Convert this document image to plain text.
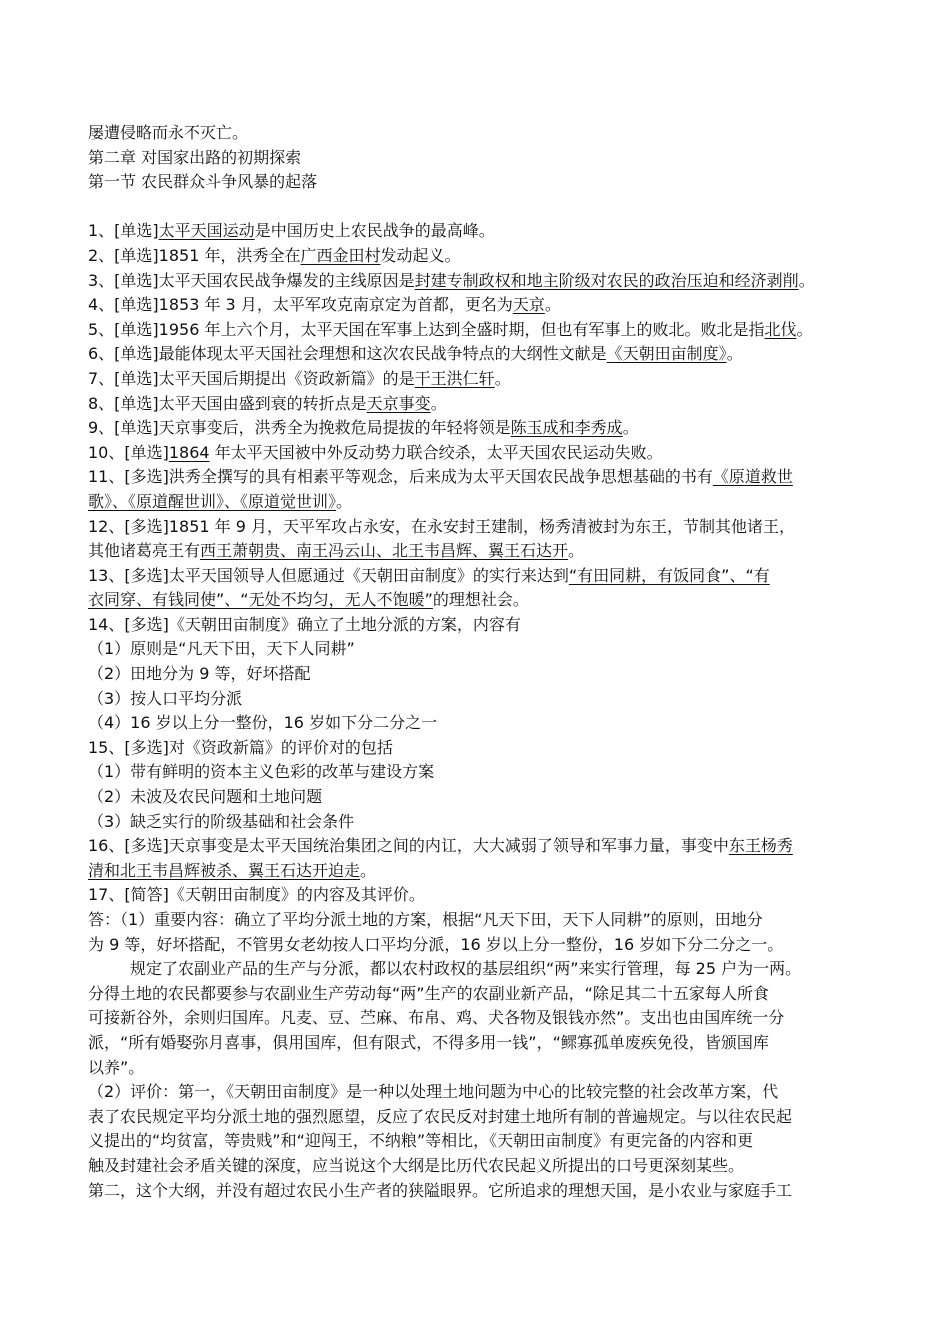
屡遭侵略而永不灭亡。
第二章 对国家出路的初期探索
第一节 农民群众斗争风暴的起落
1、[单选]太平天国运动是中国历史上农民战争的最高峰。
2、[单选]1851 年，洪秀全在广西金田村发动起义。
3、[单选]太平天国农民战争爆发的主线原因是封建专制政权和地主阶级对农民的政治压迫和经济剥削。
4、[单选]1853 年 3 月，太平军攻克南京定为首都，更名为天京。
5、[单选]1956 年上六个月，太平天国在军事上达到全盛时期，但也有军事上的败北。败北是指北伐。
6、[单选]最能体现太平天国社会理想和这次农民战争特点的大纲性文献是《天朝田亩制度》。
7、[单选]太平天国后期提出《资政新篇》的是干王洪仁轩。
8、[单选]太平天国由盛到衰的转折点是天京事变。
9、[单选]天京事变后，洪秀全为挽救危局提拔的年轻将领是陈玉成和李秀成。
10、[单选]1864 年太平天国被中外反动势力联合绞杀，太平天国农民运动失败。
11、[多选]洪秀全撰写的具有相素平等观念，后来成为太平天国农民战争思想基础的书有《原道救世
歌》、《原道醒世训》、《原道觉世训》。
12、[多选]1851 年 9 月，天平军攻占永安，在永安封王建制，杨秀清被封为东王，节制其他诸王，
其他诸葛亮王有西王萧朝贵、南王冯云山、北王韦昌辉、翼王石达开。
13、[多选]太平天国领导人但愿通过《天朝田亩制度》的实行来达到“有田同耕，有饭同食”、“有
衣同穿、有钱同使”、“无处不均匀，无人不饱暖”的理想社会。
14、[多选]《天朝田亩制度》确立了土地分派的方案，内容有
（1）原则是“凡天下田，天下人同耕”
（2）田地分为 9 等，好坏搭配
（3）按人口平均分派
（4）16 岁以上分一整份，16 岁如下分二分之一
15、[多选]对《资政新篇》的评价对的包括
（1）带有鲜明的资本主义色彩的改革与建设方案
（2）未波及农民问题和土地问题
（3）缺乏实行的阶级基础和社会条件
16、[多选]天京事变是太平天国统治集团之间的内讧，大大减弱了领导和军事力量，事变中东王杨秀
清和北王韦昌辉被杀、翼王石达开迫走。
17、[简答]《天朝田亩制度》的内容及其评价。
答：（1）重要内容：确立了平均分派土地的方案，根据“凡天下田，天下人同耕”的原则，田地分
为 9 等，好坏搭配，不管男女老幼按人口平均分派，16 岁以上分一整份，16 岁如下分二分之一。
规定了农副业产品的生产与分派，都以农村政权的基层组织“两”来实行管理，每 25 户为一两。
分得土地的农民都要参与农副业生产劳动每“两”生产的农副业新产品，“除足其二十五家每人所食
可接新谷外，余则归国库。凡麦、豆、苎麻、布帛、鸡、犬各物及银钱亦然”。支出也由国库统一分
派，“所有婚娶弥月喜事，俱用国库，但有限式，不得多用一钱”，“鳏寡孤单废疾免役，皆颁国库
以养”。
（2）评价：第一，《天朝田亩制度》是一种以处理土地问题为中心的比较完整的社会改革方案，代
表了农民规定平均分派土地的强烈愿望，反应了农民反对封建土地所有制的普遍规定。与以往农民起
义提出的“均贫富，等贵贱”和“迎闯王，不纳粮”等相比，《天朝田亩制度》有更完备的内容和更
触及封建社会矛盾关键的深度，应当说这个大纲是比历代农民起义所提出的口号更深刻某些。
第二，这个大纲，并没有超过农民小生产者的狭隘眼界。它所追求的理想天国，是小农业与家庭手工
